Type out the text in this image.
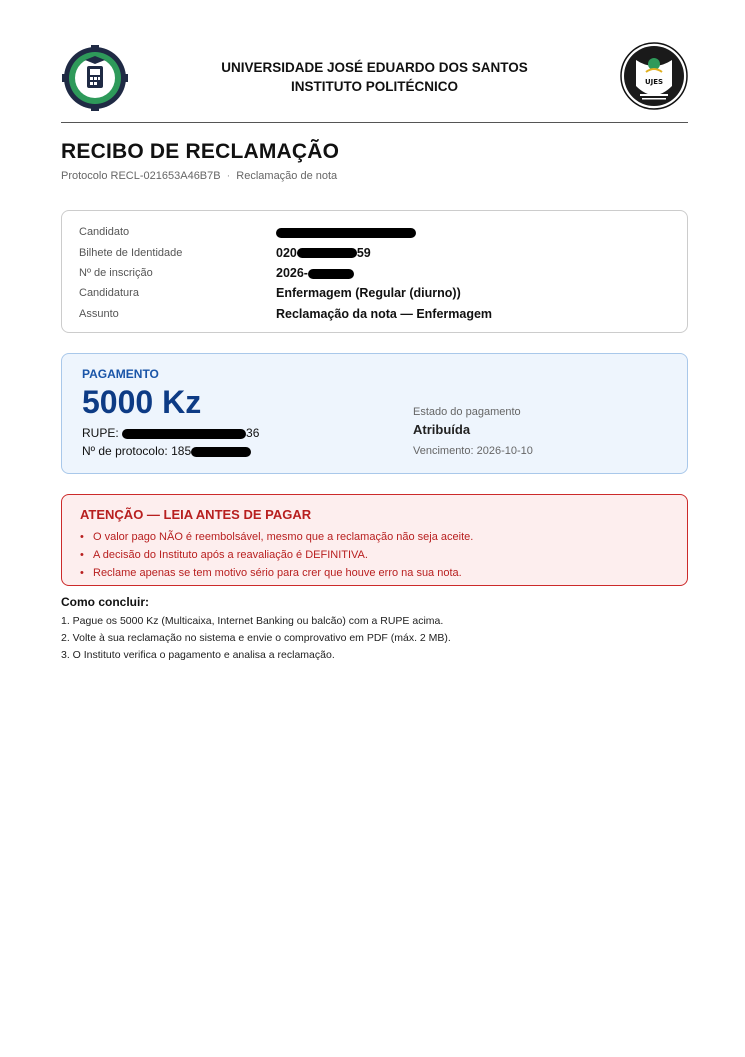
UNIVERSIDADE JOSÉ EDUARDO DOS SANTOS
INSTITUTO POLITÉCNICO	UJES
RECIBO DE RECLAMAÇÃO
Protocolo RECL-021653A46B7B · Reclamação de nota
Candidato
Bilhete de Identidade	020	59
Nº de inscrição	2026-
Candidatura	Enfermagem (Regular (diurno))
Assunto	Reclamação da nota — Enfermagem
PAGAMENTO
5000 Kz
RUPE:	36
Nº de protocolo: 185
Estado do pagamento
Atribuída
Vencimento: 2026-10-10
ATENÇÃO — LEIA ANTES DE PAGAR
• O valor pago NÃO é reembolsável, mesmo que a reclamação não seja aceite.
• A decisão do Instituto após a reavaliação é DEFINITIVA.
• Reclame apenas se tem motivo sério para crer que houve erro na sua nota.
Como concluir:
1. Pague os 5000 Kz (Multicaixa, Internet Banking ou balcão) com a RUPE acima.
2. Volte à sua reclamação no sistema e envie o comprovativo em PDF (máx. 2 MB).
3. O Instituto verifica o pagamento e analisa a reclamação.
